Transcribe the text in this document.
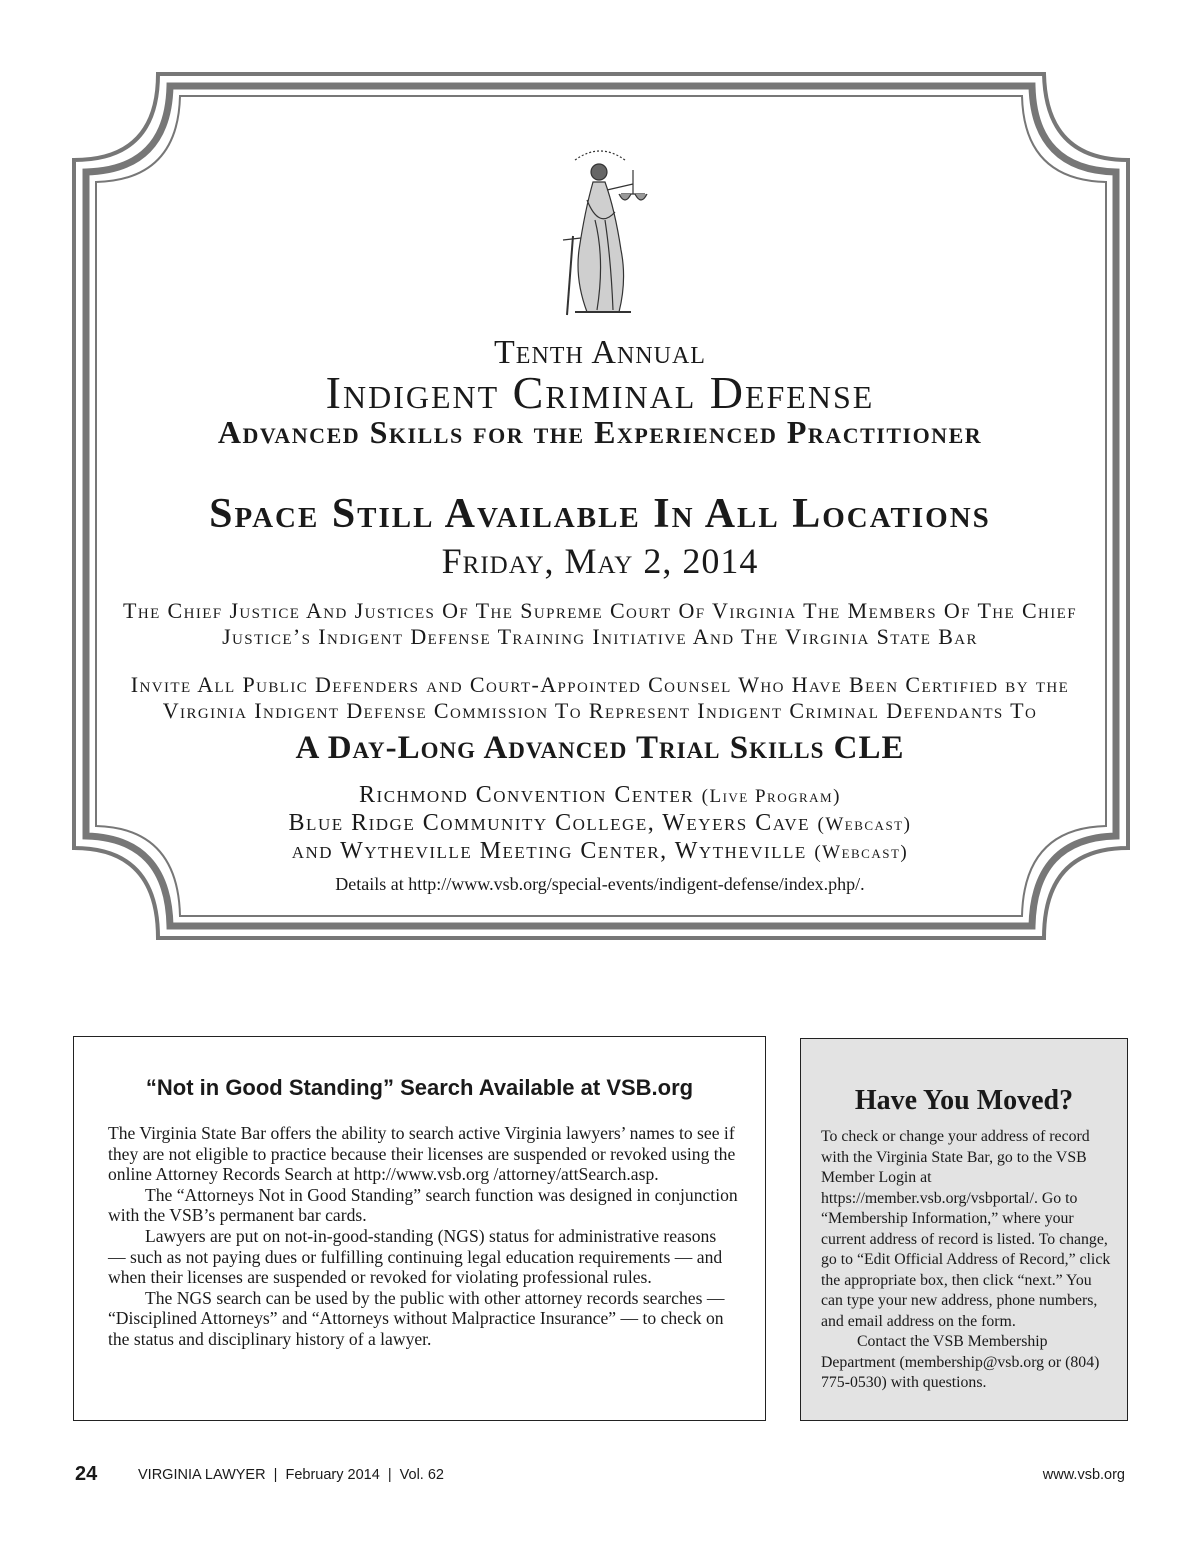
Tenth Annual
Indigent Criminal Defense
Advanced Skills for the Experienced Practitioner
Space Still Available In All Locations
Friday, May 2, 2014
The Chief Justice And Justices Of The Supreme Court Of Virginia The Members Of The Chief
Justice’s Indigent Defense Training Initiative And The Virginia State Bar
Invite All Public Defenders and Court-Appointed Counsel Who Have Been Certified by the
Virginia Indigent Defense Commission To Represent Indigent Criminal Defendants To
A Day-Long Advanced Trial Skills CLE
Richmond Convention Center (Live Program)
Blue Ridge Community College, Weyers Cave (Webcast)
and Wytheville Meeting Center, Wytheville (Webcast)
Details at http://www.vsb.org/special-events/indigent-defense/index.php/.
“Not in Good Standing” Search Available at VSB.org

The Virginia State Bar offers the ability to search active Virginia lawyers’ names to see if they are not eligible to practice because their licenses are suspended or revoked using the online Attorney Records Search at http://www.vsb.org /attorney/attSearch.asp.

The “Attorneys Not in Good Standing” search function was designed in conjunction with the VSB’s permanent bar cards.

Lawyers are put on not-in-good-standing (NGS) status for administrative reasons — such as not paying dues or fulfilling continuing legal education requirements — and when their licenses are suspended or revoked for violating professional rules.

The NGS search can be used by the public with other attorney records searches — “Disciplined Attorneys” and “Attorneys without Malpractice Insurance” — to check on the status and disciplinary history of a lawyer.

Have You Moved?

To check or change your address of record with the Virginia State Bar, go to the VSB Member Login at https://member.vsb.org/vsbportal/. Go to “Membership Information,” where your current address of record is listed. To change, go to “Edit Official Address of Record,” click the appropriate box, then click “next.” You can type your new address, phone numbers, and email address on the form.

Contact the VSB Membership Department (membership@vsb.org or (804) 775-0530) with questions.

24	VIRGINIA LAWYER  |  February 2014  |  Vol. 62	www.vsb.org
